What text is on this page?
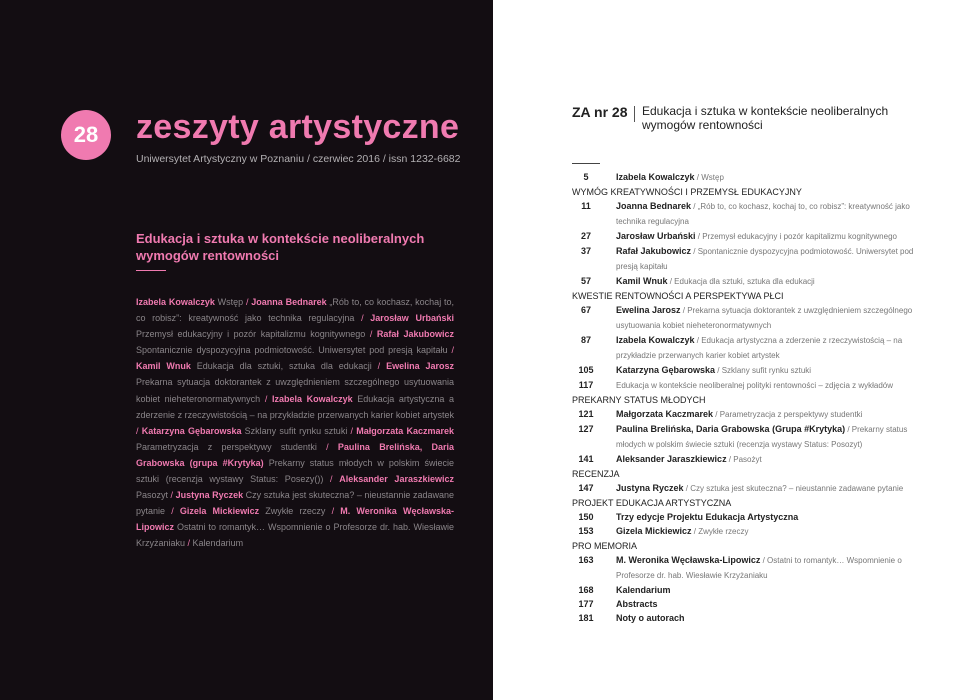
28	zeszyty artystyczne
Uniwersytet Artystyczny w Poznaniu / czerwiec 2016 / issn 1232-6682
Edukacja i sztuka w kontekście neoliberalnych wymogów rentowności
Izabela Kowalczyk Wstęp / Joanna Bednarek „Rób to, co kochasz, kochaj to, co robisz”: kreatywność jako technika regulacyjna / Jarosław Urbański Przemysł edukacyjny i pozór kapitalizmu kognitywnego / Rafał Jakubowicz Spontanicznie dyspozycyjna podmiotowość. Uniwersytet pod presją kapitału / Kamil Wnuk Edukacja dla sztuki, sztuka dla edukacji / Ewelina Jarosz Prekarna sytuacja doktorantek z uwzględnieniem szczególnego usytuowania kobiet nieheteronormatywnych / Izabela Kowalczyk Edukacja artystyczna a zderzenie z rzeczywistością – na przykładzie przerwanych karier kobiet artystek / Katarzyna Gębarowska Szklany sufit rynku sztuki / Małgorzata Kaczmarek Parametryzacja z perspektywy studentki / Paulina Brelińska, Daria Grabowska (grupa #Krytyka) Prekarny status młodych w polskim świecie sztuki (recenzja wystawy Status: Posezy()) / Aleksander Jaraszkiewicz Pasozyt / Justyna Ryczek Czy sztuka jest skuteczna? – nieustannie zadawane pytanie / Gizela Mickiewicz Zwykłe rzeczy / M. Weronika Węcławska-Lipowicz Ostatni to romantyk… Wspomnienie o Profesorze dr. hab. Wiesławie Krzyżaniaku / Kalendarium
ZA nr 28 Edukacja i sztuka w kontekście neoliberalnych wymogów rentowności
5	Izabela Kowalczyk / Wstęp
WYMÓG KREATYWNOŚCI I PRZEMYSŁ EDUKACYJNY
11	Joanna Bednarek / „Rób to, co kochasz, kochaj to, co robisz”: kreatywność jako technika regulacyjna
27	Jarosław Urbański / Przemysł edukacyjny i pozór kapitalizmu kognitywnego
37	Rafał Jakubowicz / Spontanicznie dyspozycyjna podmiotowość. Uniwersytet pod presją kapitału
57	Kamil Wnuk / Edukacja dla sztuki, sztuka dla edukacji
KWESTIE RENTOWNOŚCI A PERSPEKTYWA PŁCI
67	Ewelina Jarosz / Prekarna sytuacja doktorantek z uwzględnieniem szczególnego usytuowania kobiet nieheteronormatywnych
87	Izabela Kowalczyk / Edukacja artystyczna a zderzenie z rzeczywistością – na przykładzie przerwanych karier kobiet artystek
105	Katarzyna Gębarowska / Szklany sufit rynku sztuki
117	Edukacja w kontekście neoliberalnej polityki rentowności – zdjęcia z wykładów
PREKARNY STATUS MŁODYCH
121	Małgorzata Kaczmarek / Parametryzacja z perspektywy studentki
127	Paulina Brelińska, Daria Grabowska (Grupa #Krytyka) / Prekarny status młodych w polskim świecie sztuki (recenzja wystawy Status: Posozyt)
141	Aleksander Jaraszkiewicz / Pasożyt
RECENZJA
147	Justyna Ryczek / Czy sztuka jest skuteczna? – nieustannie zadawane pytanie
PROJEKT EDUKACJA ARTYSTYCZNA
150	Trzy edycje Projektu Edukacja Artystyczna
153	Gizela Mickiewicz / Zwykłe rzeczy
PRO MEMORIA
163	M. Weronika Węcławska-Lipowicz / Ostatni to romantyk… Wspomnienie o Profesorze dr. hab. Wiesławie Krzyżaniaku
168	Kalendarium
177	Abstracts
181	Noty o autorach
